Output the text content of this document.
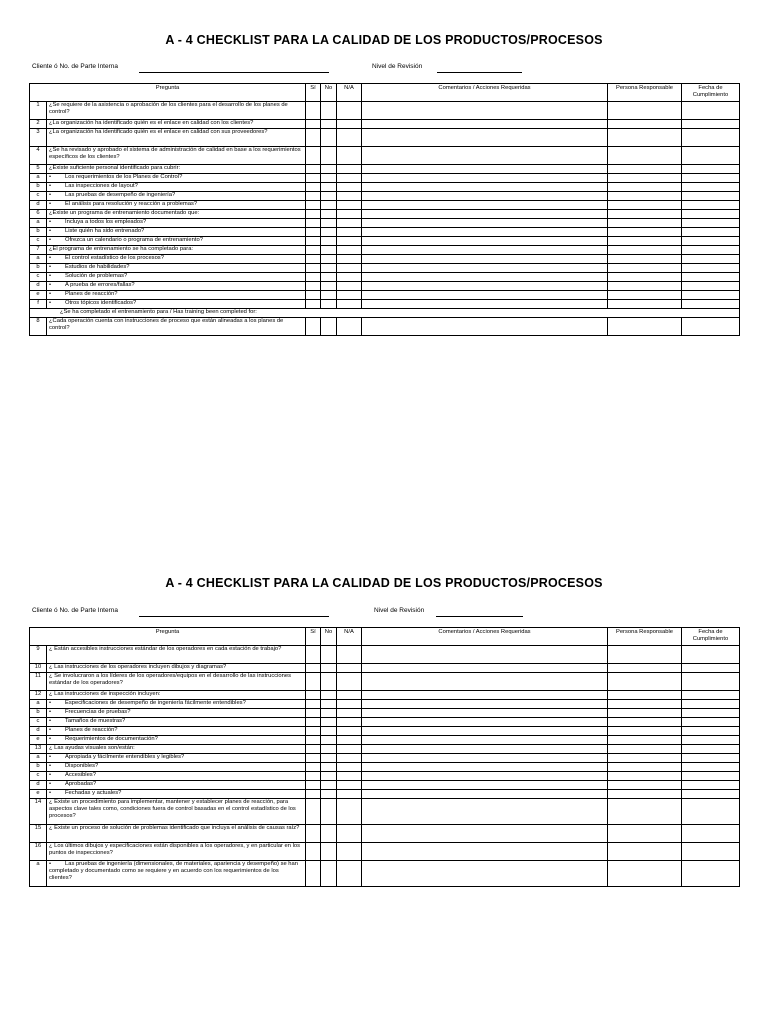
A - 4 CHECKLIST PARA LA CALIDAD DE LOS PRODUCTOS/PROCESOS
Cliente ó No. de Parte Interna	Nivel de Revisión
Pregunta		Sí	No	N/A	Comentarios / Acciones Requeridas	Persona Responsable	Fecha de Cumplimiento
1	¿Se requiere de la asistencia o aprobación de los clientes para el desarrollo de los planes de control?						
2	¿La organización ha identificado quién es el enlace en calidad con los clientes?						
3	¿La organización ha identificado quién es el enlace en calidad con sus proveedores?						
4	¿Se ha revisado y aprobado el sistema de administración de calidad en base a los requerimientos específicos de los clientes?						
5	¿Existe suficiente personal identificado para cubrir:						
a	• Los requerimientos de los Planes de Control?						
b	• Las inspecciones de layout?						
c	• Las pruebas de desempeño de ingeniería?						
d	• El análisis para resolución y reacción a problemas?						
6	¿Existe un programa de entrenamiento documentado que:						
a	• Incluya a todos los empleados?						
b	• Liste quién ha sido entrenado?						
c	• Ofrezca un calendario o programa de entrenamiento?						
7	¿El programa de entrenamiento se ha completado para:						
a	• El control estadístico de los procesos?						
b	• Estudios de habilidades?						
c	• Solución de problemas?						
d	• A prueba de errores/fallas?						
e	• Planes de reacción?						
f	• Otros tópicos identificados?						
¿Se ha completado el entrenamiento para / Has training been completed for:							
8	¿Cada operación cuenta con instrucciones de proceso que están alineadas a los planes de control?						
A - 4 CHECKLIST PARA LA CALIDAD DE LOS PRODUCTOS/PROCESOS
Cliente ó No. de Parte Interna	Nivel de Revisión
Pregunta		Sí	No	N/A	Comentarios / Acciones Requeridas	Persona Responsable	Fecha de Cumplimiento
9	¿ Están accesibles instrucciones estándar de los operadores en cada estación de trabajo?						
10	¿ Las instrucciones de los operadores incluyen dibujos y diagramas?						
11	¿ Se involucraron a los líderes de los operadores/equipos en el desarrollo de las instrucciones estándar de los operadores?						
12	¿ Las instrucciones de inspección incluyen:						
a	• Especificaciones de desempeño de ingeniería fácilmente entendibles?						
b	• Frecuencias de pruebas?						
c	• Tamaños de muestras?						
d	• Planes de reacción?						
e	• Requerimientos de documentación?						
13	¿ Las ayudas visuales son/están:						
a	• Apropiada y fácilmente entendibles y legibles?						
b	• Disponibles?						
c	• Accesibles?						
d	• Aprobadas?						
e	• Fechadas y actuales?						
14	¿ Existe un procedimiento para implementar, mantener y establecer planes de reacción, para aspectos clave tales como, condiciones fuera de control basadas en el control estadístico de los procesos?						
15	¿ Existe un proceso de solución de problemas identificado que incluya el análisis de causas raíz?						
16	¿ Los últimos dibujos y especificaciones están disponibles a los operadores, y en particular en los puntos de inspecciones?						
a	• Las pruebas de ingeniería (dimensionales, de materiales, apariencia y desempeño) se han completado y documentado como se requiere y en acuerdo con los requerimientos de los clientes?						
